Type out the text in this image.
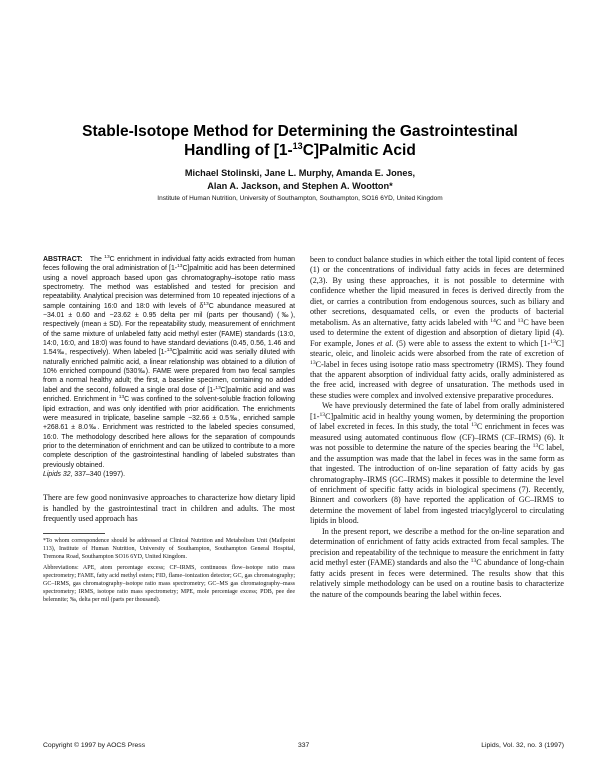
Stable-Isotope Method for Determining the Gastrointestinal
Handling of [1-$^{13}$C]Palmitic Acid
Michael Stolinski, Jane L. Murphy, Amanda E. Jones,
Alan A. Jackson, and Stephen A. Wootton*
Institute of Human Nutrition, University of Southampton, Southampton, SO16 6YD, United Kingdom

ABSTRACT: The $^{13}$C enrichment in individual fatty acids extracted from human feces following the oral administration of [1-$^{13}$C]palmitic acid has been determined using a novel approach based upon gas chromatography–isotope ratio mass spectrometry. The method was established and tested for precision and repeatability. Analytical precision was determined from 10 repeated injections of a sample containing 16:0 and 18:0 with levels of $\delta^{13}C$ abundance measured at −34.01 ± 0.60 and −23.62 ± 0.95 delta per mil (parts per thousand) (‰), respectively (mean ± SD). For the repeatability study, measurement of enrichment of the same mixture of unlabeled fatty acid methyl ester (FAME) standards (13:0, 14:0, 16:0, and 18:0) was found to have standard deviations (0.45, 0.56, 1.46 and 1.54‰, respectively). When labeled [1-$^{13}$C]palmitic acid was serially diluted with naturally enriched palmitic acid, a linear relationship was obtained to a dilution of 10% enriched compound (530‰). FAME were prepared from two fecal samples from a normal healthy adult; the first, a baseline specimen, containing no added label and the second, followed a single oral dose of [1-$^{13}$C]palmitic acid and was enriched. Enrichment in $^{13}$C was confined to the solvent-soluble fraction following lipid extraction, and was only identified with prior acidification. The enrichments were measured in triplicate, baseline sample −32.66 ± 0.5‰, enriched sample +268.61 ± 8.0‰. Enrichment was restricted to the labeled species consumed, 16:0. The methodology described here allows for the separation of compounds prior to the determination of enrichment and can be utilized to contribute to a more complete description of the gastrointestinal handling of labeled substrates than previously obtained.

Lipids 32, 337–340 (1997).

There are few good noninvasive approaches to characterize how dietary lipid is handled by the gastrointestinal tract in children and adults. The most frequently used approach has

*To whom correspondence should be addressed at Clinical Nutrition and Metabolism Unit (Mailpoint 113), Institute of Human Nutrition, University of Southampton, Southampton General Hospital, Tremona Road, Southampton SO16 6YD, United Kingdom.

Abbreviations: APE, atom percentage excess; CF–IRMS, continuous flow–isotope ratio mass spectrometry; FAME, fatty acid methyl esters; FID, flame–ionization detector; GC, gas chromatography; GC–IRMS, gas chromatography–isotope ratio mass spectrometry; GC–MS gas chromatography–mass spectrometry; IRMS, isotope ratio mass spectrometry; MPE, mole percentage excess; PDB, pee dee belemnite; ‰, delta per mil (parts per thousand).

been to conduct balance studies in which either the total lipid content of feces (1) or the concentrations of individual fatty acids in feces are determined (2,3). By using these approaches, it is not possible to determine with confidence whether the lipid measured in feces is derived directly from the diet, or carries a contribution from endogenous sources, such as biliary and other secretions, desquamated cells, or even the products of bacterial metabolism. As an alternative, fatty acids labeled with $^{14}$C and $^{13}$C have been used to determine the extent of digestion and absorption of dietary lipid (4). For example, Jones et al. (5) were able to assess the extent to which [1-$^{13}$C] stearic, oleic, and linoleic acids were absorbed from the rate of excretion of $^{13}$C-label in feces using isotope ratio mass spectrometry (IRMS). They found that the apparent absorption of individual fatty acids, orally administered as the free acid, increased with degree of unsaturation. The methods used in these studies were complex and involved extensive preparative procedures.

We have previously determined the fate of label from orally administered [1-$^{13}$C]palmitic acid in healthy young women, by determining the proportion of label excreted in feces. In this study, the total $^{13}$C enrichment in feces was measured using automated continuous flow (CF)–IRMS (CF–IRMS) (6). It was not possible to determine the nature of the species bearing the $^{13}$C label, and the assumption was made that the label in feces was in the same form as that ingested. The introduction of on-line separation of fatty acids by gas chromatography–IRMS (GC–IRMS) makes it possible to determine the level of enrichment of specific fatty acids in biological specimens (7). Recently, Binnert and coworkers (8) have reported the application of GC–IRMS to determine the movement of label from ingested triacylglycerol to circulating lipids in blood.

In the present report, we describe a method for the on-line separation and determination of enrichment of fatty acids extracted from fecal samples. The precision and repeatability of the technique to measure the enrichment in fatty acid methyl ester (FAME) standards and also the $^{13}$C abundance of long-chain fatty acids present in feces were determined. The results show that this relatively simple methodology can be used on a routine basis to characterize the nature of the compounds bearing the label within feces.

Copyright © 1997 by AOCS Press	337	Lipids, Vol. 32, no. 3 (1997)
